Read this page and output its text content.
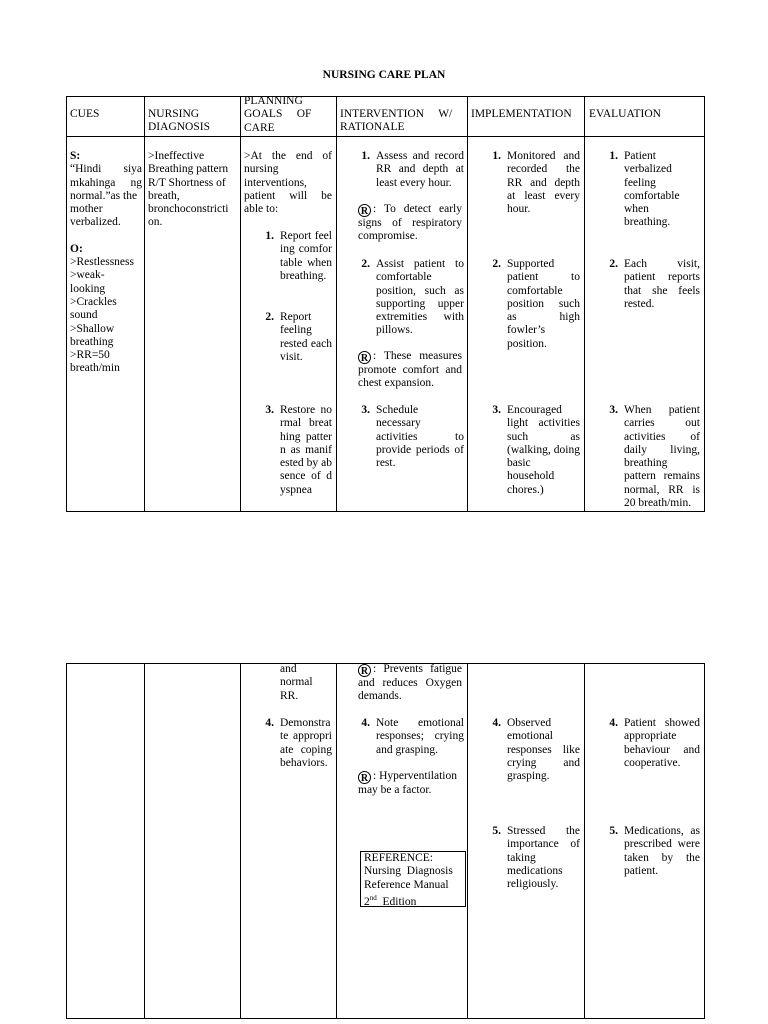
NURSING CARE PLAN
CUES	NURSING
DIAGNOSIS
PLANNING
GOALS     OF
CARE
INTERVENTION     W/
RATIONALE
IMPLEMENTATION EVALUATION
S:
“Hindi siya
mkahinga ng
normal.”as the
mother
verbalized.
O:
>Restlessness
>weak-
looking
>Crackles
sound
>Shallow
breathing
>RR=50
breath/min
>Ineffective
Breathing pattern
R/T Shortness of
breath,
bronchoconstricti
on.
>At the end of
nursing
interventions,
patient will be
able to:
1. Report feeling comfortable when breathing.
2. Report feeling rested each visit.
3. Restore normal breathing pattern as manifested by absence of dyspnea
1. Assess and record RR and depth at least every hour.
R : To detect early signs of respiratory compromise.
2. Assist patient to comfortable position, such as supporting upper extremities with pillows.
R : These measures promote comfort and chest expansion.
3. Schedule necessary activities to provide periods of rest.
1. Monitored and recorded the RR and depth at least every hour.
2. Supported patient to comfortable position such as high fowler’s position.
3. Encouraged light activities such as (walking, doing basic household chores.)
1. Patient verbalized feeling comfortable when breathing.
2. Each visit, patient reports that she feels rested.
3. When patient carries out activities of daily living, breathing pattern remains normal, RR is 20 breath/min.
and normal RR.
4. Demonstrate appropriate coping behaviors.
R : Prevents fatigue and reduces Oxygen demands.
4. Note emotional responses; crying and grasping.
R : Hyperventilation may be a factor.
REFERENCE:
Nursing  Diagnosis
Reference Manual
2nd  Edition
4. Observed emotional responses like crying and grasping.
5. Stressed the importance of taking medications religiously.
4. Patient showed appropriate behaviour and cooperative.
5. Medications, as prescribed were taken by the patient.
